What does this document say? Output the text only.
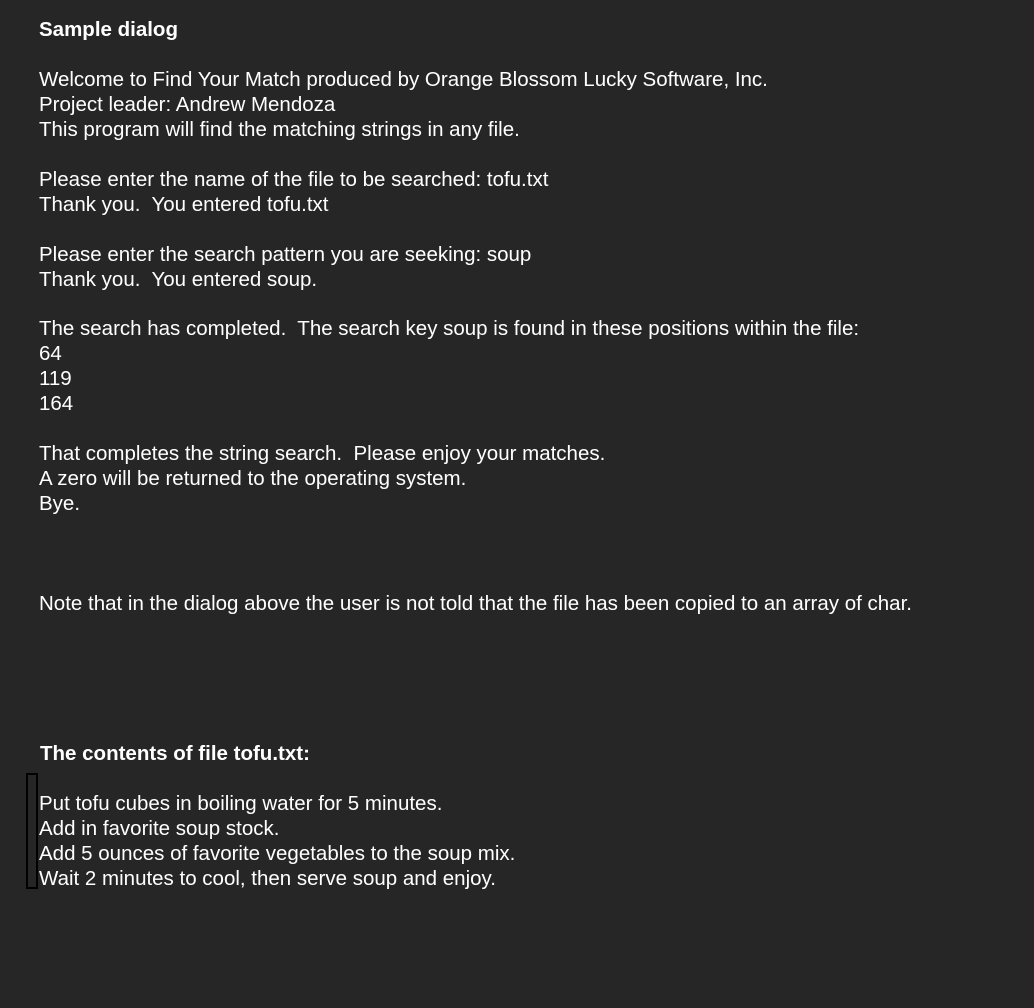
Sample dialog
Welcome to Find Your Match produced by Orange Blossom Lucky Software, Inc.
Project leader: Andrew Mendoza
This program will find the matching strings in any file.
Please enter the name of the file to be searched: tofu.txt
Thank you.  You entered tofu.txt
Please enter the search pattern you are seeking: soup
Thank you.  You entered soup.
The search has completed.  The search key soup is found in these positions within the file:
64
119
164
That completes the string search.  Please enjoy your matches.
A zero will be returned to the operating system.
Bye.
Note that in the dialog above the user is not told that the file has been copied to an array of char.
The contents of file tofu.txt:
Put tofu cubes in boiling water for 5 minutes.
Add in favorite soup stock.
Add 5 ounces of favorite vegetables to the soup mix.
Wait 2 minutes to cool, then serve soup and enjoy.
